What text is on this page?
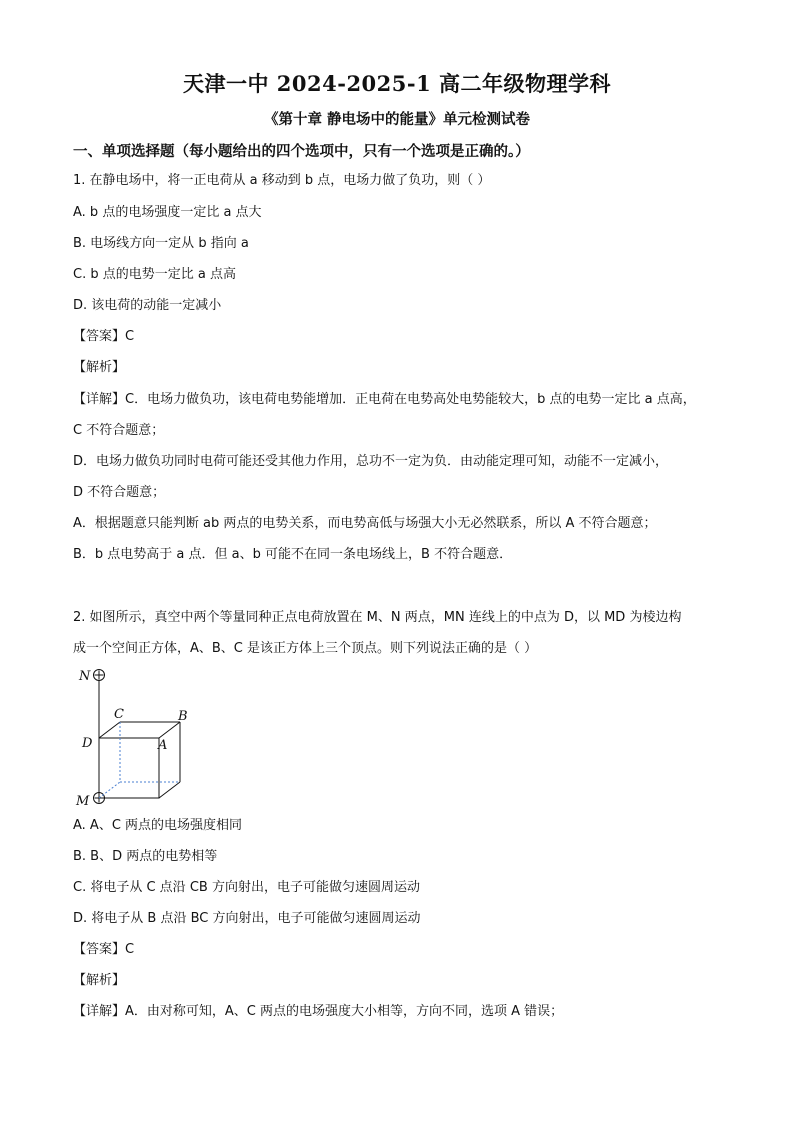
天津一中 2024-2025-1 高二年级物理学科
《第十章 静电场中的能量》单元检测试卷
一、单项选择题（每小题给出的四个选项中，只有一个选项是正确的。）
1. 在静电场中，将一正电荷从 a 移动到 b 点，电场力做了负功，则（ ）
A. b 点的电场强度一定比 a 点大
B. 电场线方向一定从 b 指向 a
C. b 点的电势一定比 a 点高
D. 该电荷的动能一定减小
【答案】C
【解析】
【详解】C．电场力做负功，该电荷电势能增加．正电荷在电势高处电势能较大，b 点的电势一定比 a 点高，
C 不符合题意；
D．电场力做负功同时电荷可能还受其他力作用，总功不一定为负．由动能定理可知，动能不一定减小，
D 不符合题意；
A．根据题意只能判断 ab 两点的电势关系，而电势高低与场强大小无必然联系，所以 A 不符合题意；
B．b 点电势高于 a 点．但 a、b 可能不在同一条电场线上，B 不符合题意．
2. 如图所示，真空中两个等量同种正点电荷放置在 M、N 两点，MN 连线上的中点为 D，以 MD 为棱边构
成一个空间正方体，A、B、C 是该正方体上三个顶点。则下列说法正确的是（ ）
N
C	B
D	A
M
A. A、C 两点的电场强度相同
B. B、D 两点的电势相等
C. 将电子从 C 点沿 CB 方向射出，电子可能做匀速圆周运动
D. 将电子从 B 点沿 BC 方向射出，电子可能做匀速圆周运动
【答案】C
【解析】
【详解】A．由对称可知，A、C 两点的电场强度大小相等，方向不同，选项 A 错误；
